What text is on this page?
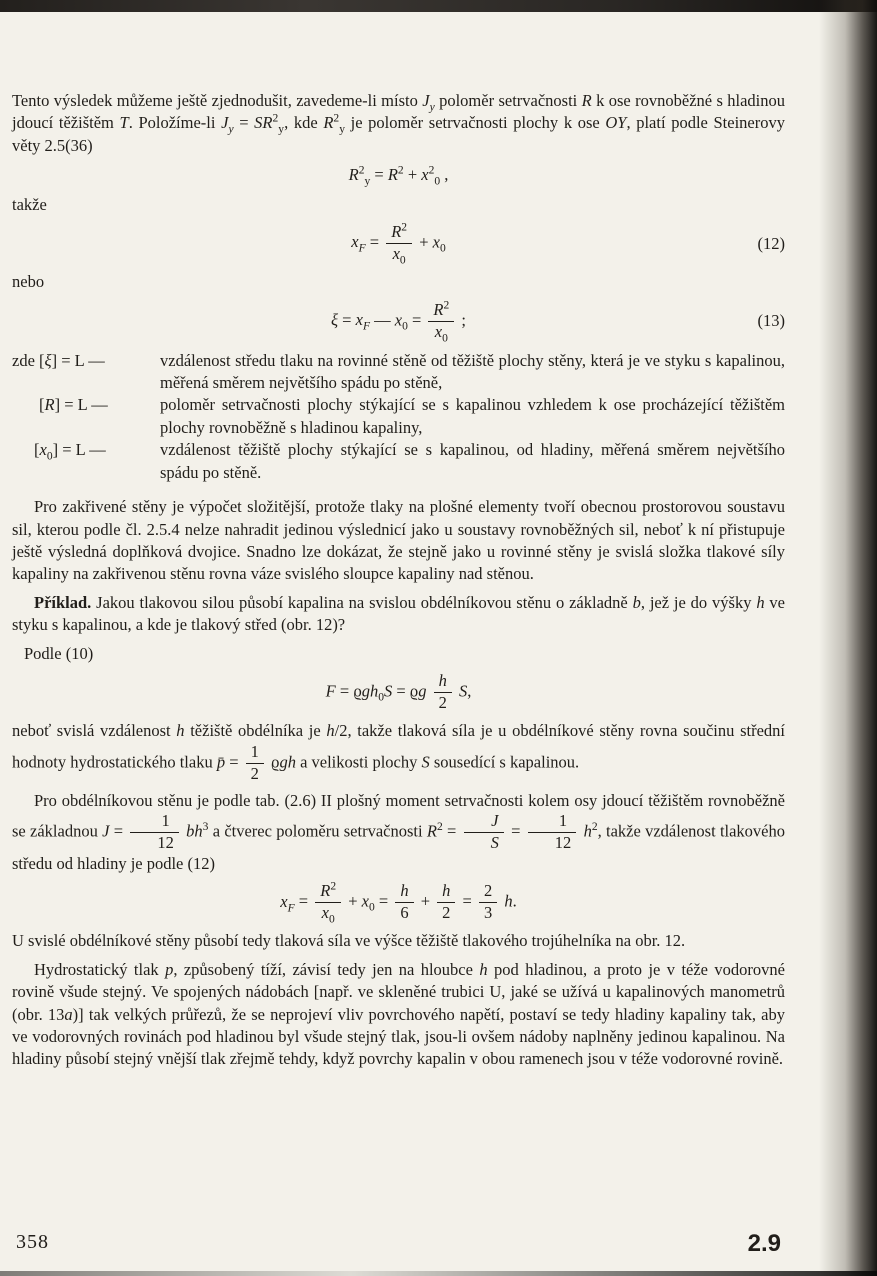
Tento výsledek můžeme ještě zjednodušit, zavedeme-li místo $J_y$ poloměr setrvačnosti R k ose rovnoběžné s hladinou jdoucí těžištěm T. Položíme-li $J_y = SR^2_y$, kde $R^2_y$ je poloměr setrvačnosti plochy k ose OY, platí podle Steinerovy věty 2.5(36)

$R^2_y = R^2 + x^2_0$ ,

takže

$x_F = \frac{R^2}{x_0} + x_0$	(12)

nebo

$\xi = x_F$ — $x_0 = \frac{R^2}{x_0}$ ;	(13)
zde [ξ] = L —	vzdálenost středu tlaku na rovinné stěně od těžiště plochy stěny, která je ve styku s kapalinou, měřená směrem největšího spádu po stěně,
[R] = L —	poloměr setrvačnosti plochy stýkající se s kapalinou vzhledem k ose procházející těžištěm plochy rovnoběžně s hladinou kapaliny,
$[x_0] = L$ —	vzdálenost těžiště plochy stýkající se s kapalinou, od hladiny, měřená směrem největšího spádu po stěně.

Pro zakřivené stěny je výpočet složitější, protože tlaky na plošné elementy tvoří obecnou prostorovou soustavu sil, kterou podle čl. 2.5.4 nelze nahradit jedinou výslednicí jako u soustavy rovnoběžných sil, neboť k ní přistupuje ještě výsledná doplňková dvojice. Snadno lze dokázat, že stejně jako u rovinné stěny je svislá složka tlakové síly kapaliny na zakřivenou stěnu rovna váze svislého sloupce kapaliny nad stěnou.

Příklad. Jakou tlakovou silou působí kapalina na svislou obdélníkovou stěnu o základně b, jež je do výšky h ve styku s kapalinou, a kde je tlakový střed (obr. 12)?

Podle (10)

F = ϱgh$_0$S = ϱg $\frac{h}{2} S$,

neboť svislá vzdálenost h těžiště obdélníka je h/2, takže tlaková síla je u obdélníkové stěny rovna součinu střední hodnoty hydrostatického tlaku p̄ = $\frac{1}{2}$ ϱgh a velikosti plochy S sousedící s kapalinou.

Pro obdélníkovou stěnu je podle tab. (2.6) II plošný moment setrvačnosti kolem osy jdoucí těžištěm rovnoběžně se základnou $J = \frac{1}{12} bh^3$ a čtverec poloměru setrvačnosti $R^2 = \frac{J}{S} = \frac{1}{12} h^2$, takže vzdálenost tlakového středu od hladiny je podle (12)

$x_F = \frac{R^2}{x_0} + x_0 = \frac{h}{6} + \frac{h}{2} = \frac{2}{3} h$.

U svislé obdélníkové stěny působí tedy tlaková síla ve výšce těžiště tlakového trojúhelníka na obr. 12.

Hydrostatický tlak p, způsobený tíží, závisí tedy jen na hloubce h pod hladinou, a proto je v téže vodorovné rovině všude stejný. Ve spojených nádobách [např. ve skleněné trubici U, jaké se užívá u kapalinových manometrů (obr. 13a)] tak velkých průřezů, že se neprojeví vliv povrchového napětí, postaví se tedy hladiny kapaliny tak, aby ve vodorovných rovinách pod hladinou byl všude stejný tlak, jsou-li ovšem nádoby naplněny jedinou kapalinou. Na hladiny působí stejný vnější tlak zřejmě tehdy, když povrchy kapalin v obou ramenech jsou v téže vodorovné rovině.

358	2.9
